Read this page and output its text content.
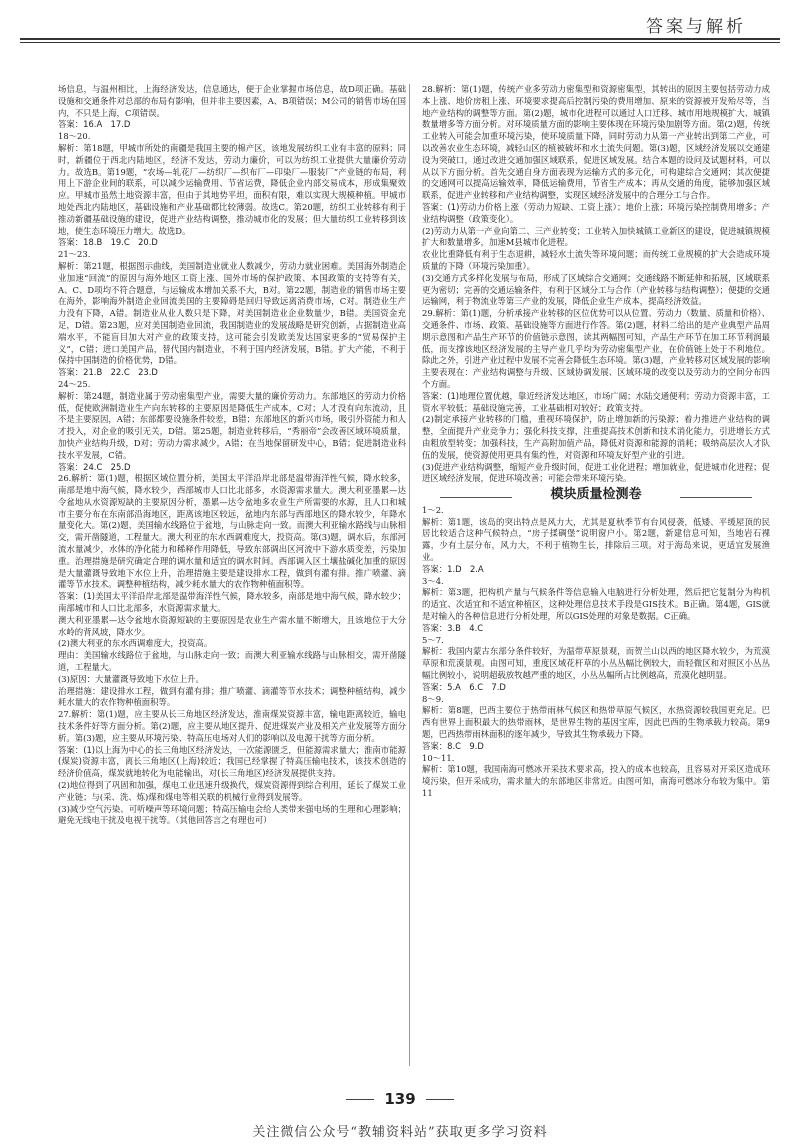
答案与解析

场信息，与温州相比，上海经济发达，信息通达，便于企业掌握市场信息，故D项正确。基础设施和交通条件对总部的布局有影响，但并非主要因素，A、B项错误；M公司的销售市场在国内，不只是上海，C项错误。

答案：16.A　17.D

18～20.

解析：第18题，甲城市所处的南疆是我国主要的棉产区，该地发展纺织工业有丰富的原料；同时，新疆位于西北内陆地区，经济不发达，劳动力廉价，可以为纺织工业提供大量廉价劳动力。故选B。第19题，“农场—轧花厂—纺织厂—织布厂—印染厂—服装厂”产业链的布局，利用上下游企业间的联系，可以减少运输费用、节省运费，降低企业内部交易成本，形成集聚效应。甲城市虽然土地资源丰富，但由于其地势平坦，面积有限，难以实现大规模种植。甲城市地处西北内陆地区，基础设施和产业基础都比较薄弱。故选C。第20题，纺织工业转移有利于推动新疆基础设施的建设，促进产业结构调整，推动城市化的发展；但大量纺织工业转移到该地，使生态环境压力增大。故选D。

答案：18.B　19.C　20.D

21～23.

解析：第21题，根据图示曲线，美国制造业就业人数减少，劳动力就业困难。美国海外制造企业加速“回流”的原因与海外地区工资上涨、国外市场的保护政策、本国政策的支持等有关，A、C、D项均不符合题意，与运输成本增加关系不大，B对。第22题，制造业的销售市场主要在海外，影响海外制造企业回流美国的主要障碍是回归导致远离消费市场，C对。制造业生产力没有下降，A错。制造业从业人数只是下降，对美国制造业企业数量少，B错。美国资金充足，D错。第23题，应对美国制造业回流，我国制造业的发展战略是研究创新，占据制造业高端水平，不能盲目加大对产业的政策支持，这可能会引发欧美发达国家更多的“贸易保护主义”，C错；进口美国产品，替代国内制造业，不利于国内经济发展，B错。扩大产能，不利于保持中国制造的价格优势，D错。

答案：21.B　22.C　23.D

24～25.

解析：第24题，制造业属于劳动密集型产业，需要大量的廉价劳动力。东部地区的劳动力价格低，促使欧洲制造业生产向东转移的主要原因是降低生产成本，C对；人才没有向东流动，且不是主要原因，A错；东部都要设施条件较差，B错；东部地区的新兴市场，吸引外资能力和人才投入，对企业的吸引无关，D错。第25题，制造业转移后，“秀丽帝”会改善区域环境质量，加快产业结构升级，D对；劳动力需求减少，A错；在当地保留研发中心，B错；促进制造业科技水平发展，C错。

答案：24.C　25.D

26.解析：第(1)题，根据区域位置分析，美国太平洋沿岸北部是温带海洋性气候，降水较多，南部是地中海气候，降水较少，西部城市人口比北部多，水资源需求量大。澳大利亚墨累—达令盆地从水资源短缺的主要原因分析，墨累—达令盆地多农业生产所需要的水源，且人口和城市主要分布在东南部沿海地区，距离该地区较远，盆地内东部与西部地区的降水较少，年降水量变化大。第(2)题，美国输水线路位于盆地，与山脉走向一致。而澳大利亚输水路线与山脉相交，需开凿隧道，工程量大。澳大利亚的东水西调难度大，投资高。第(3)题，调水后，东部河流水量减少，水体的净化能力和稀释作用降低，导致东部调出区河流中下游水质变差，污染加重。治理措施是研究确定合理的调水量和适宜的调水时间。西部调入区土壤盐碱化加重的原因是大量灌溉导致地下水位上升，治理措施主要是建设排水工程，做到有灌有排。推广喷灌、滴灌等节水技术。调整种植结构，减少耗水量大的农作物种植面积等。

答案：(1)美国太平洋沿岸北部是温带海洋性气候，降水较多，南部是地中海气候，降水较少；南部城市和人口比北部多，水资源需求量大。

澳大利亚墨累—达令盆地水资源短缺的主要原因是农业生产需水量不断增大，且该地位于大分水岭的背风坡，降水少。

(2)澳大利亚的东水西调难度大，投资高。

理由：美国输水线路位于盆地，与山脉走向一致；而澳大利亚输水线路与山脉相交，需开凿隧道，工程量大。

(3)原因：大量灌溉导致地下水位上升。

治理措施：建设排水工程，做到有灌有排；推广喷灌、滴灌等节水技术；调整种植结构，减少耗水量大的农作物种植面积等。

27.解析：第(1)题，应主要从长三角地区经济发达，淮南煤炭资源丰富，输电距离较近，输电技术条件好等方面分析。第(2)题，应主要从地区提升、促进煤炭产业及相关产业发展等方面分析。第(3)题，应主要从环境污染、特高压电场对人们的影响以及电源干扰等方面分析。

答案：(1)以上海为中心的长三角地区经济发达，一次能源匮乏，但能源需求量大；淮南市能源(煤炭)资源丰富，离长三角地区(上海)较近；我国已经掌握了特高压输电技术，该技术创造的经济价值高，煤炭就地转化为电能输出，对(长三角地区)经济发展提供支持。

(2)地位得到了巩固和加强，煤电工业迅速升级换代，煤炭资源得到综合利用，延长了煤炭工业产业链；与(采、洗、炼)煤和煤电等相关联的机械行业得到发展等。

(3)减少空气污染、可听噪声等环境问题；特高压输电会给人类带来强电场的生理和心理影响；避免无线电干扰及电视干扰等。（其他回答言之有理也可）

28.解析：第(1)题，传统产业多劳动力密集型和资源密集型，其转出的原因主要包括劳动力成本上涨、地价房租上涨、环境要求提高后控制污染的费用增加、原来的资源被开发殆尽等，当地产业结构的调整等方面。第(2)题，城市化进程可以通过人口迁移、城市用地规模扩大、城镇数量增多等方面分析。对环境质量方面的影响主要体现在环境污染加剧等方面。第(2)题，传统工业转入可能会加重环境污染，使环境质量下降，同时劳动力从第一产业转出到第二产业，可以改善农业生态环境，减轻山区的植被破坏和水土流失问题。第(3)题，区域经济发展以交通建设为突破口，通过改进交通加强区域联系，促进区域发展。结合本题的设问及试题材料，可以从以下方面分析。首先交通自身方面表现为运输方式的多元化，可构建综合交通网；其次便捷的交通网可以提高运输效率，降低运输费用，节省生产成本；再从交通的角度，能够加强区域联系，促进产业转移和产业结构调整，实现区域经济发展中的合理分工与合作。

答案：(1)劳动力价格上涨（劳动力短缺、工资上涨）；地价上涨；环境污染控制费用增多；产业结构调整（政策变化）。

(2)劳动力从第一产业向第二、三产业转变；工业转入加快城镇工业新区的建设，促进城镇规模扩大和数量增多，加速M县城市化进程。

农业比重降低有利于生态退耕，减轻水土流失等环境问题；而传统工业规模的扩大会造成环境质量的下降（环境污染加重）。

(3)交通方式多样化发展与布局，形成了区域综合交通网；交通线路不断延伸和拓展，区域联系更为密切；完善的交通运输条件，有利于区域分工与合作（产业转移与结构调整）；便捷的交通运输网，利于物流业等第三产业的发展，降低企业生产成本，提高经济效益。

29.解析：第(1)题，分析承接产业转移的区位优势可以从位置、劳动力（数量、质量和价格）、交通条件、市场、政策、基础设施等方面进行作答。第(2)题，材料二给出的是产业典型产品周期示意图和产品生产环节的价值链示意图，读其两幅图可知，产品生产环节在加工环节利润最低，而支撑该地区经济发展的主导产业几乎均为劳动密集型产业，在价值链上处于不利地位。除此之外，引进产业过程中发展不完善会降低生态环境。第(3)题，产业转移对区域发展的影响主要表现在：产业结构调整与升级、区域协调发展、区域环境的改变以及劳动力的空间分布四个方面。

答案：(1)地理位置优越，靠近经济发达地区，市场广阔；水陆交通便利；劳动力资源丰富，工资水平较低；基础设施完善，工业基础相对较好；政策支持。

(2)制定承接产业转移的门槛，重视环境保护，防止增加新的污染源；着力推进产业结构的调整，全面提升产业竞争力；强化科技支撑，注重提高技术创新和技术消化能力，引进增长方式由粗放型转变；加强科技，生产高附加值产品，降低对资源和能源的消耗；吸纳高层次人才队伍的发展，使资源使用更具有集约性，对资源和环境友好型产业的引进。

(3)促进产业结构调整，缩短产业升级时间，促进工业化进程；增加就业，促进城市化进程；促进区域经济发展，促进环境改善；可能会带来环境污染。

模块质量检测卷

1～2.

解析：第1题，该岛的突出特点是风力大，尤其是夏秋季节有台风侵袭，低矮、平缓屋顶的民居比较适合这种气候特点，“房子揉碉堡”说明窗户小。第2题，新建信息可知，当地岩石裸露，少有土层分布，风力大，不利于植物生长，排除后三项。对于海岛来说，更适宜发展渔业。

答案：1.D　2.A

3～4.

解析：第3题，把构机产量与气候条件等信息输入电脑进行分析处理，然后把它复制分为构机的适宜、次适宜和不适宜种植区，这种处理信息技术手段是GIS技术。B正确。第4题，GIS就是对输入的各种信息进行分析处理，所以GIS处理的对象是数据。C正确。

答案：3.B　4.C

5～7.

解析：我国内蒙古东部分条件较好，为温带草原景观，而贺兰山以西的地区降水较少，为荒漠草原和荒漠景观。由图可知，重度区域花杆草的小丛丛幅比例较大，而轻微区和对照区小丛丛幅比例较小，说明超载放牧越严重的地区，小丛丛幅所占比例越高，荒漠化越明显。

答案：5.A　6.C　7.D

8～9.

解析：第8题，巴西主要位于热带雨林气候区和热带草原气候区，水热资源较我国更充足。巴西有世界上面积最大的热带雨林，是世界生物的基因宝库，因此巴西的生物承载力较高。第9题，巴西热带雨林面积的逐年减少，导致其生物承载力下降。

答案：8.C　9.D

10～11.

解析：第10题，我国南海可燃冰开采技术要求高，投入的成本也较高，且容易对开采区造成环境污染，但开采成功，需求量大的东部地区非常近。由图可知，南海可燃冰分布较为集中。第11

139
关注微信公众号“教辅资料站”获取更多学习资料
